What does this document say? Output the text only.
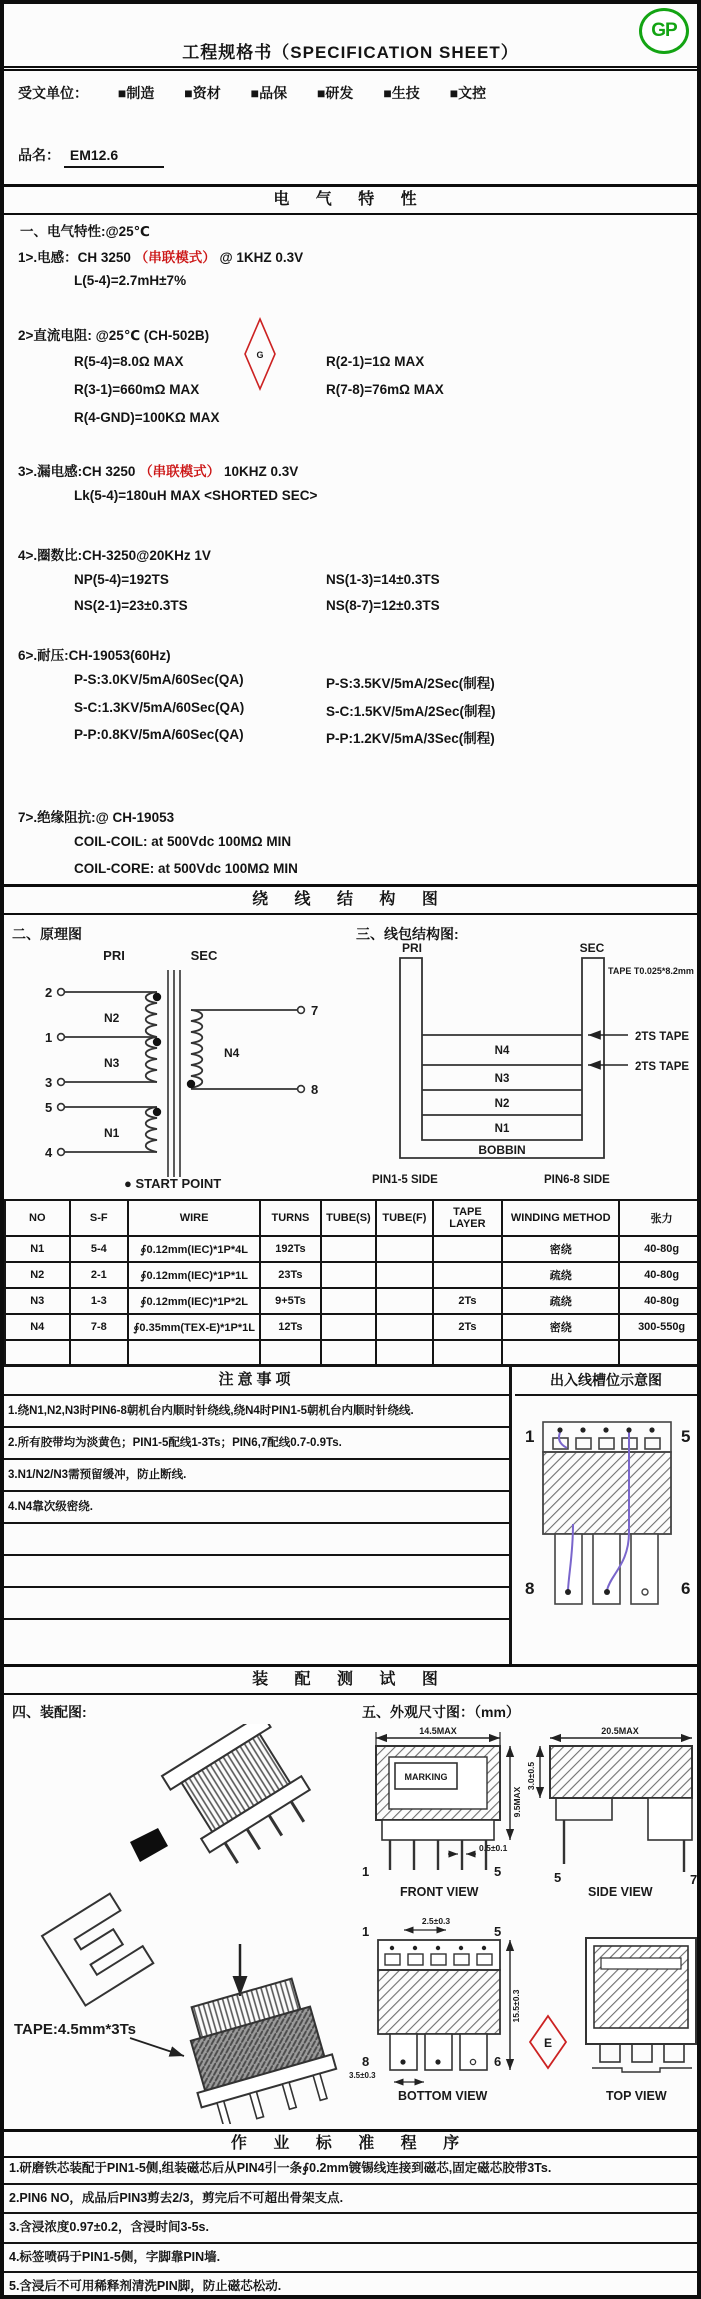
工程规格书（SPECIFICATION SHEET）
GP
受文单位： ■制造 ■资材 ■品保 ■研发 ■生技 ■文控
品名： EM12.6
电 气 特 性
一、电气特性:@25℃
1>.电感：CH 3250 （串联模式） @ 1KHZ 0.3V
L(5-4)=2.7mH±7%
2>直流电阻: @25℃ (CH-502B)
G
R(5-4)=8.0Ω MAX	R(2-1)=1Ω MAX
R(3-1)=660mΩ MAX	R(7-8)=76mΩ MAX
R(4-GND)=100KΩ MAX
3>.漏电感:CH 3250 （串联模式） 10KHZ 0.3V
Lk(5-4)=180uH MAX <SHORTED SEC>
4>.圈数比:CH-3250@20KHz 1V
NP(5-4)=192TS	NS(1-3)=14±0.3TS
NS(2-1)=23±0.3TS	NS(8-7)=12±0.3TS
6>.耐压:CH-19053(60Hz)
P-S:3.0KV/5mA/60Sec(QA)	P-S:3.5KV/5mA/2Sec(制程)
S-C:1.3KV/5mA/60Sec(QA)	S-C:1.5KV/5mA/2Sec(制程)
P-P:0.8KV/5mA/60Sec(QA)	P-P:1.2KV/5mA/3Sec(制程)
7>.绝缘阻抗:@ CH-19053
COIL-COIL: at 500Vdc 100MΩ MIN
COIL-CORE: at 500Vdc 100MΩ MIN
绕 线 结 构 图
二、原理图	三、线包结构图:
PRI	SEC
2
1
3
5
4
7
8
N2
N3
N1
N4
● START POINT
PRI	SEC
TAPE T0.025*8.2mm
2TS TAPE
2TS TAPE
N4
N3
N2
N1
BOBBIN
PIN1-5 SIDE	PIN6-8 SIDE
NO	S-F	WIRE	TURNS	TUBE(S)	TUBE(F)	TAPE LAYER	WINDING METHOD	张力
N1	5-4	∮0.12mm(IEC)*1P*4L	192Ts				密绕	40-80g
N2	2-1	∮0.12mm(IEC)*1P*1L	23Ts				疏绕	40-80g
N3	1-3	∮0.12mm(IEC)*1P*2L	9+5Ts			2Ts	疏绕	40-80g
N4	7-8	∮0.35mm(TEX-E)*1P*1L	12Ts			2Ts	密绕	300-550g

注意事项
1.绕N1,N2,N3时PIN6-8朝机台内顺时针绕线,绕N4时PIN1-5朝机台内顺时针绕线.
2.所有胶带均为淡黄色；PIN1-5配线1-3Ts；PIN6,7配线0.7-0.9Ts.
3.N1/N2/N3需预留缓冲，防止断线.
4.N4靠次级密绕.
出入线槽位示意图
1	5
8	6
装 配 测 试 图
四、装配图:	五、外观尺寸图：（mm）
TAPE:4.5mm*3Ts
14.5MAX
MARKING
1	5
0.5±0.1
9.5MAX
FRONT VIEW
20.5MAX
5	7
3.0±0.5
SIDE VIEW
1	5
2.5±0.3
8	6
15.5±0.3
3.5±0.3
BOTTOM VIEW
E
TOP VIEW
作 业 标 准 程 序
1.研磨铁芯装配于PIN1-5侧,组装磁芯后从PIN4引一条∮0.2mm镀锡线连接到磁芯,固定磁芯胶带3Ts.
2.PIN6 NO，成品后PIN3剪去2/3，剪完后不可超出骨架支点.
3.含浸浓度0.97±0.2，含浸时间3-5s.
4.标签喷码于PIN1-5侧，字脚靠PIN墙.
5.含浸后不可用稀释剂清洗PIN脚，防止磁芯松动.
